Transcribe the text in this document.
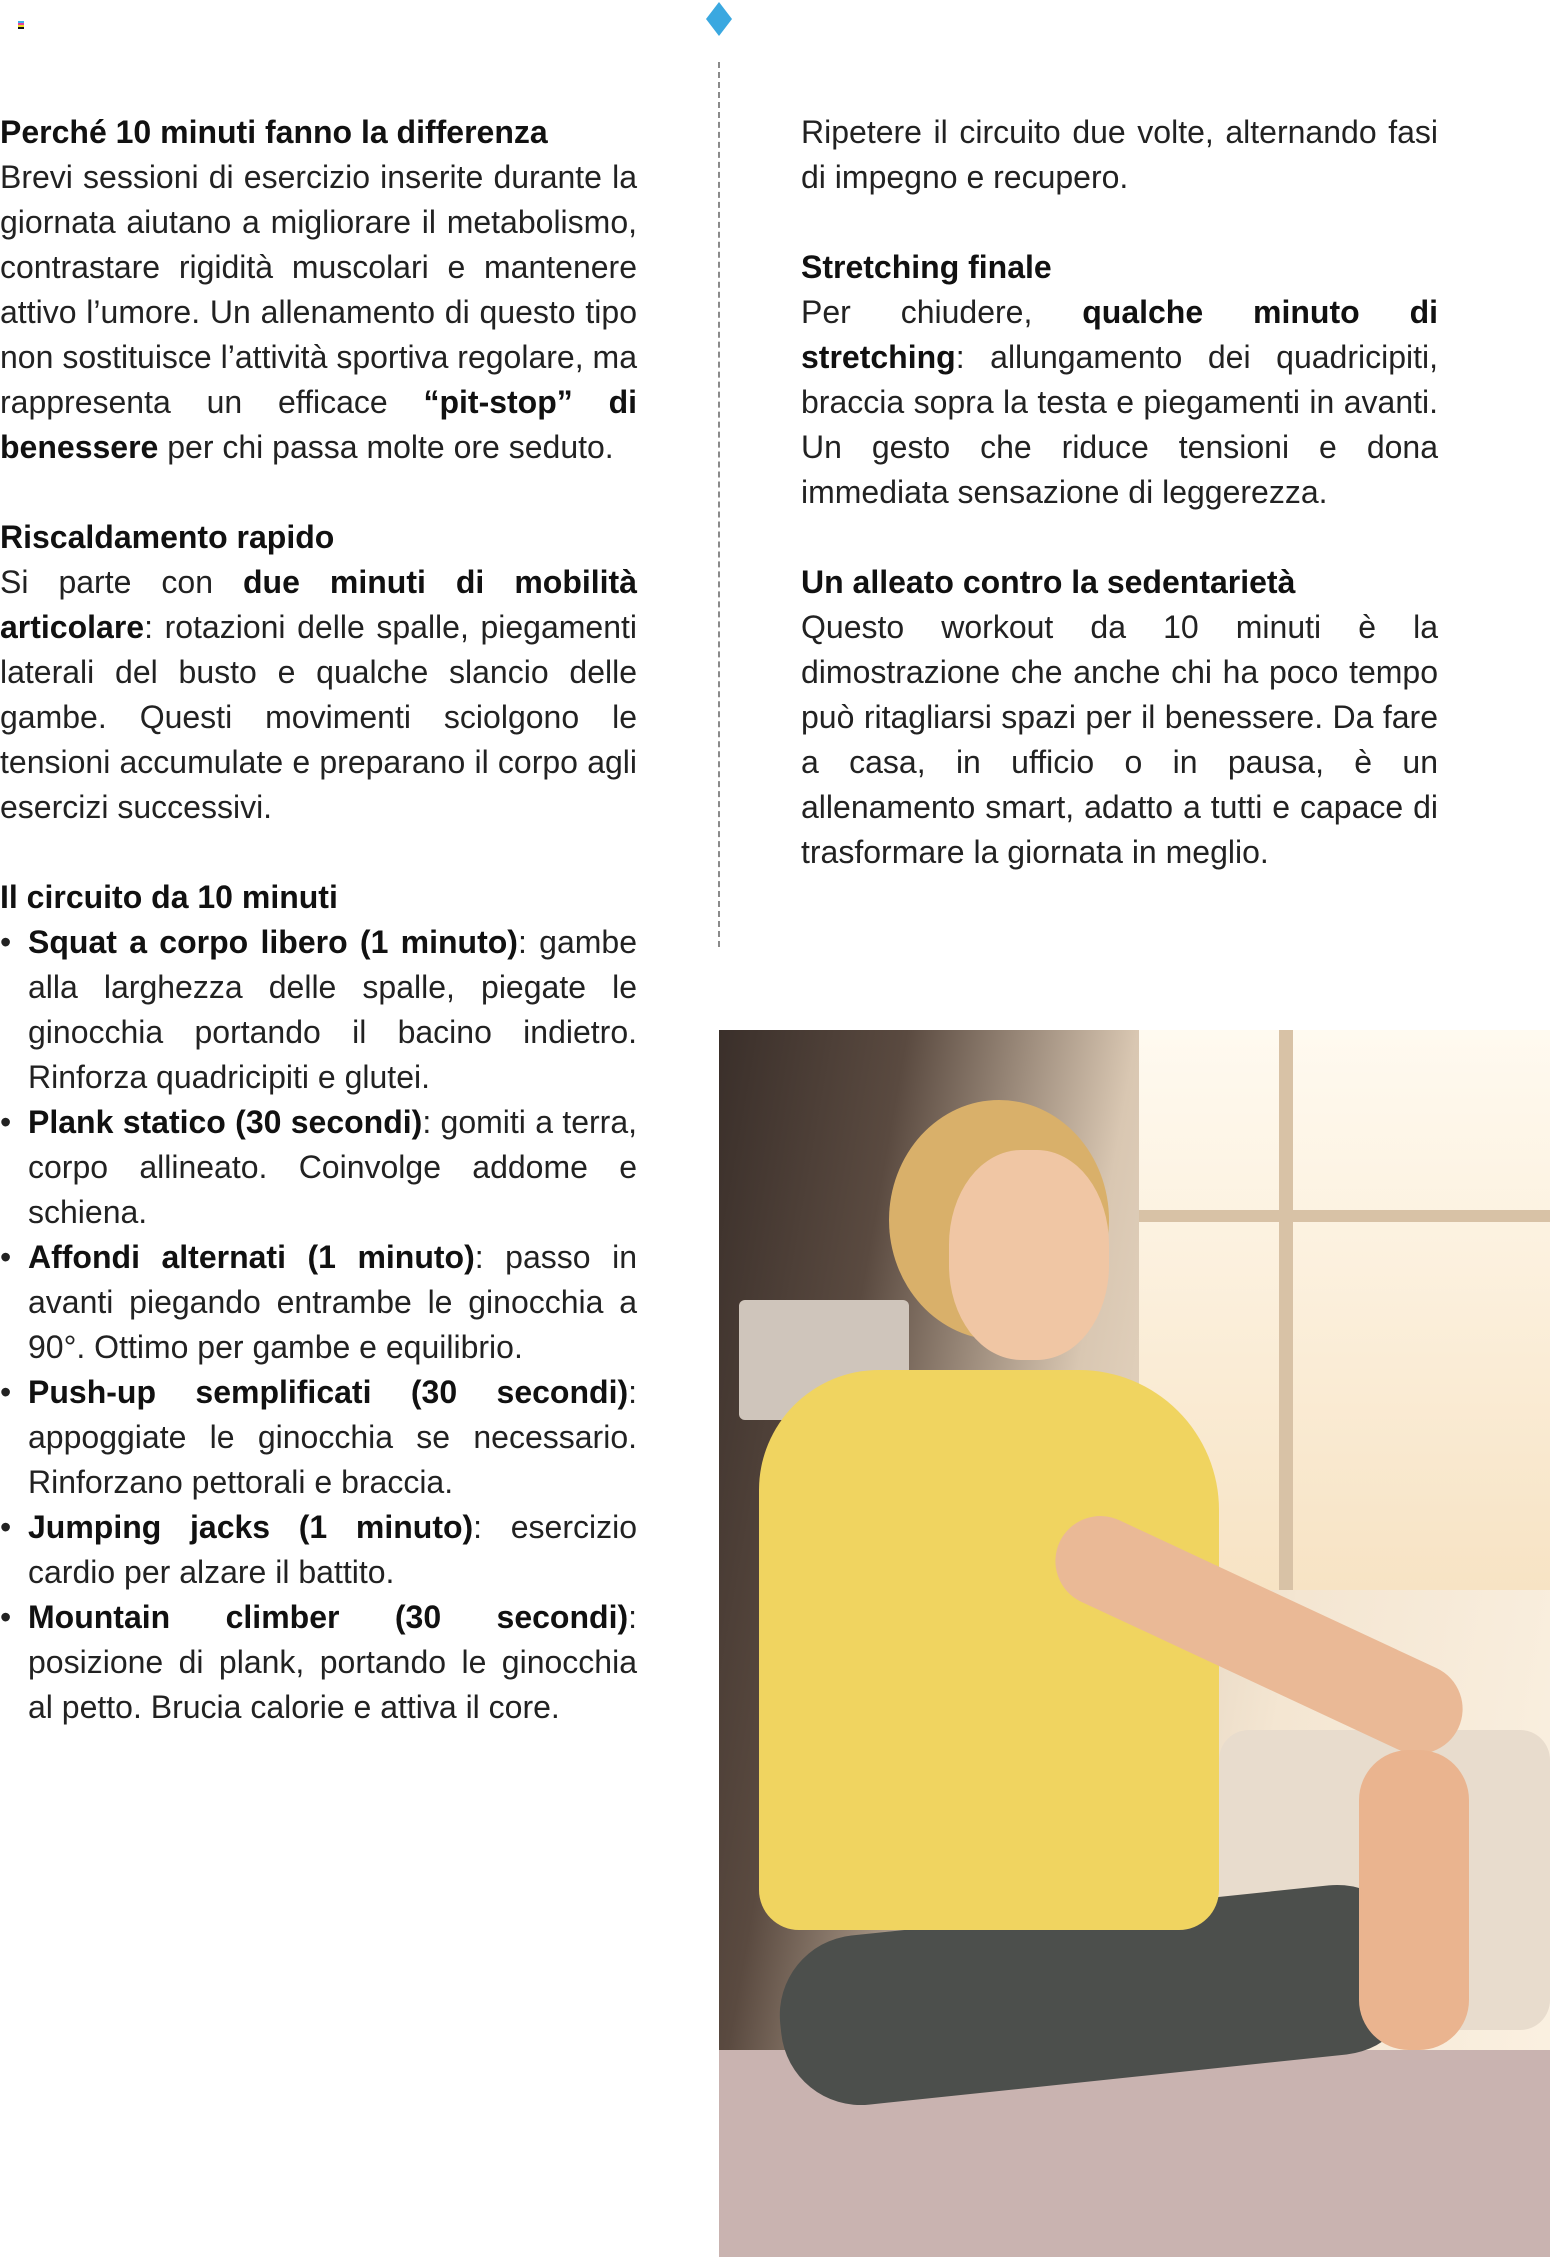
Perché 10 minuti fanno la differenza

Brevi sessioni di esercizio inserite durante la giornata aiutano a migliorare il metabolismo, contrastare rigidità muscolari e mantenere attivo l’umore. Un allenamento di questo tipo non sostituisce l’attività sportiva regolare, ma rappresenta un efficace “pit-stop” di benessere per chi passa molte ore seduto.

Riscaldamento rapido

Si parte con due minuti di mobilità articolare: rotazioni delle spalle, piegamenti laterali del busto e qualche slancio delle gambe. Questi movimenti sciolgono le tensioni accumulate e preparano il corpo agli esercizi successivi.

Il circuito da 10 minuti
• Squat a corpo libero (1 minuto): gambe alla larghezza delle spalle, piegate le ginocchia portando il bacino indietro. Rinforza quadricipiti e glutei.
• Plank statico (30 secondi): gomiti a terra, corpo allineato. Coinvolge addome e schiena.
• Affondi alternati (1 minuto): passo in avanti piegando entrambe le ginocchia a 90°. Ottimo per gambe e equilibrio.
• Push-up semplificati (30 secondi): appoggiate le ginocchia se necessario. Rinforzano pettorali e braccia.
• Jumping jacks (1 minuto): esercizio cardio per alzare il battito.
• Mountain climber (30 secondi): posizione di plank, portando le ginocchia al petto. Brucia calorie e attiva il core.

Ripetere il circuito due volte, alternando fasi di impegno e recupero.

Stretching finale

Per chiudere, qualche minuto di stretching: allungamento dei quadricipiti, braccia sopra la testa e piegamenti in avanti. Un gesto che riduce tensioni e dona immediata sensazione di leggerezza.

Un alleato contro la sedentarietà

Questo workout da 10 minuti è la dimostrazione che anche chi ha poco tempo può ritagliarsi spazi per il benessere. Da fare a casa, in ufficio o in pausa, è un allenamento smart, adatto a tutti e capace di trasformare la giornata in meglio.
